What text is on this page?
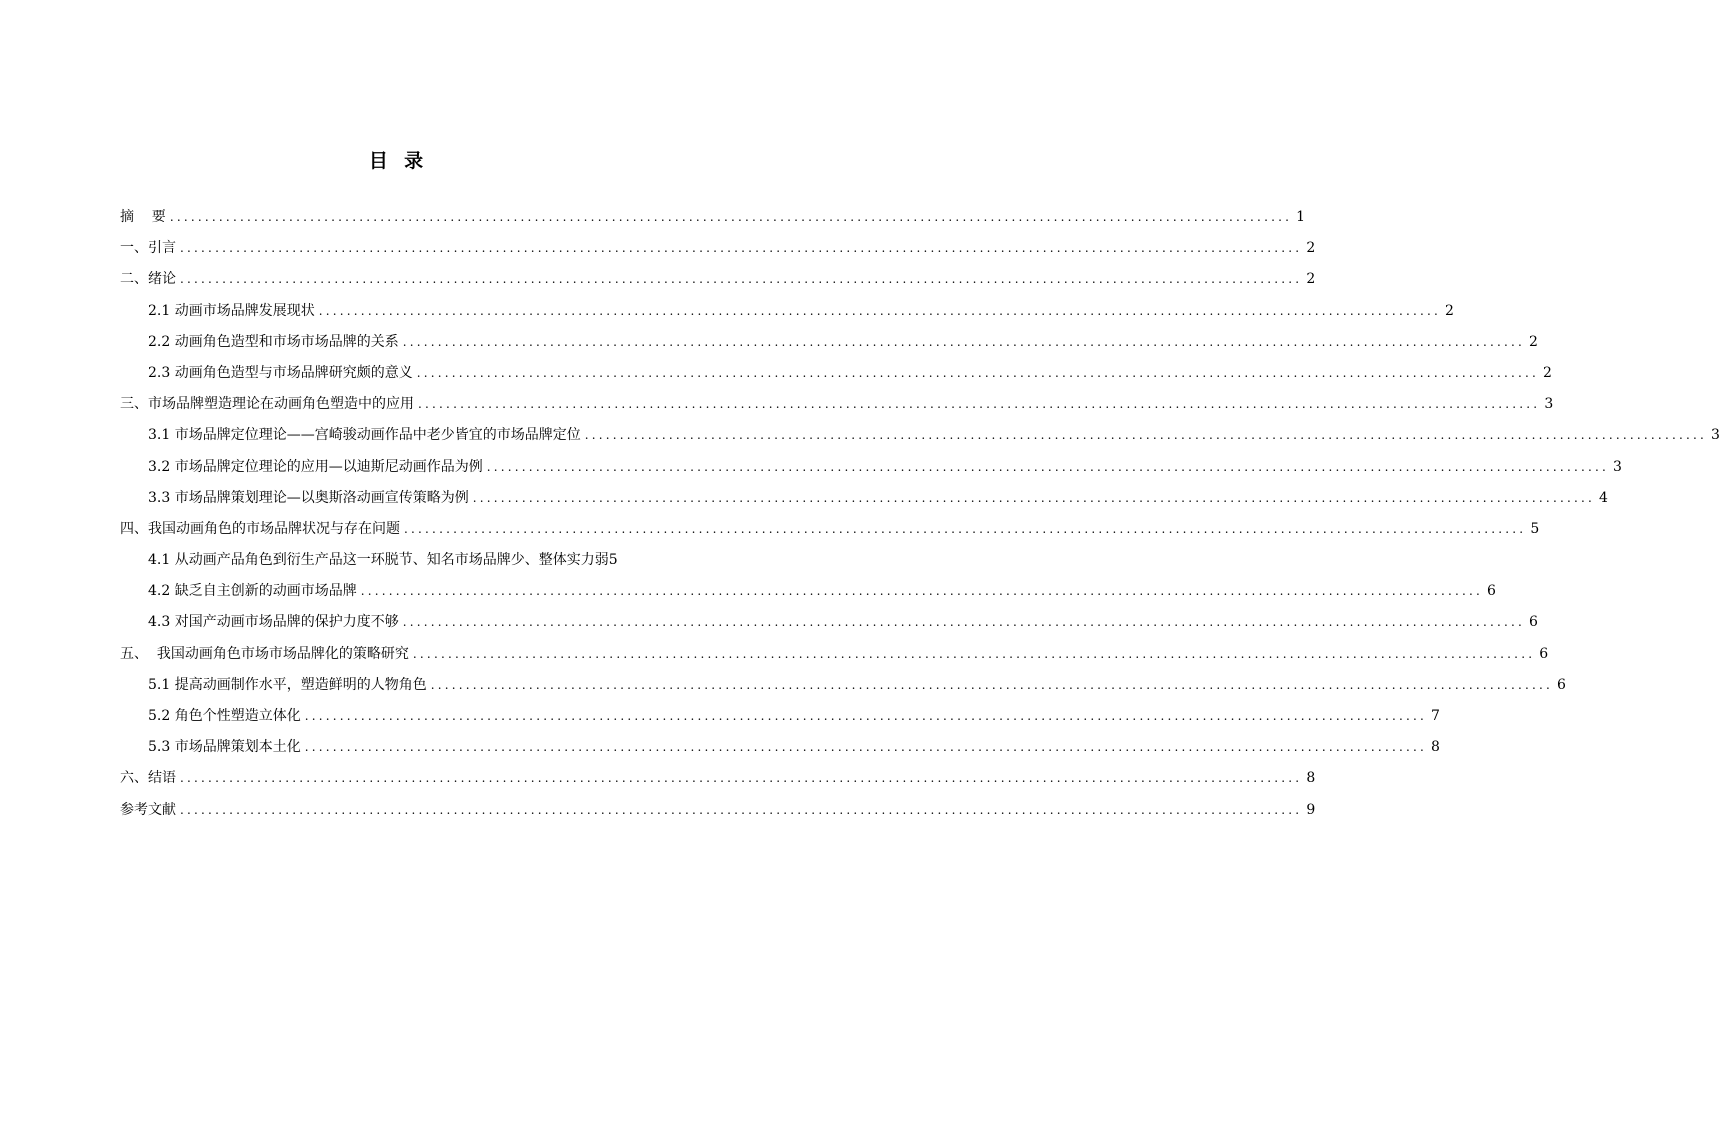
目  录
摘    要 ................................................................................................................................................................ 1
一、引言 ................................................................................................................................................................ 2
二、绪论 ................................................................................................................................................................ 2
2.1 动画市场品牌发展现状 ................................................................................................................................................................ 2
2.2 动画角色造型和市场市场品牌的关系 ................................................................................................................................................................ 2
2.3 动画角色造型与市场品牌研究颇的意义 ................................................................................................................................................................ 2
三、市场品牌塑造理论在动画角色塑造中的应用 ................................................................................................................................................................ 3
3.1 市场品牌定位理论——宫崎骏动画作品中老少皆宜的市场品牌定位 ................................................................................................................................................................ 3
3.2 市场品牌定位理论的应用—以迪斯尼动画作品为例 ................................................................................................................................................................ 3
3.3 市场品牌策划理论—以奥斯洛动画宣传策略为例 ................................................................................................................................................................ 4
四、我国动画角色的市场品牌状况与存在问题 ................................................................................................................................................................ 5
4.1 从动画产品角色到衍生产品这一环脱节、知名市场品牌少、整体实力弱 5
4.2 缺乏自主创新的动画市场品牌 ................................................................................................................................................................ 6
4.3 对国产动画市场品牌的保护力度不够 ................................................................................................................................................................ 6
五、  我国动画角色市场市场品牌化的策略研究 ................................................................................................................................................................ 6
5.1 提高动画制作水平，塑造鲜明的人物角色 ................................................................................................................................................................ 6
5.2 角色个性塑造立体化 ................................................................................................................................................................ 7
5.3 市场品牌策划本土化 ................................................................................................................................................................ 8
六、结语 ................................................................................................................................................................ 8
参考文献 ................................................................................................................................................................ 9
